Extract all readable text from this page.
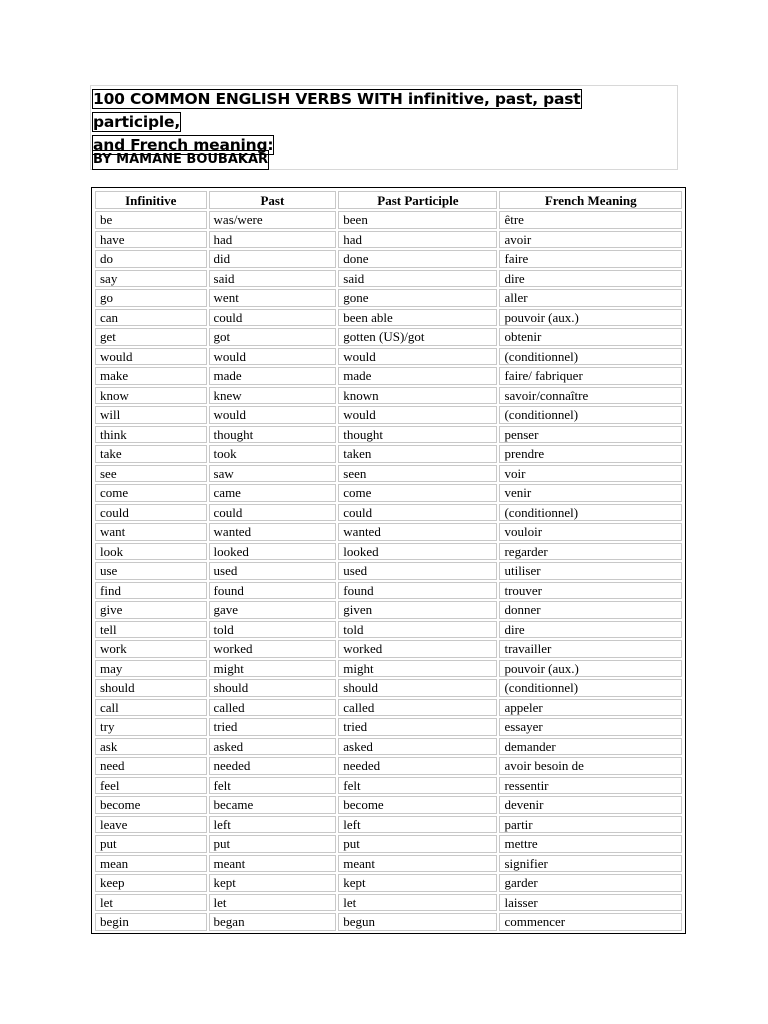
100 COMMON ENGLISH VERBS WITH infinitive, past, past participle,
and French meaning:
BY MAMANE BOUBAKAR
Infinitive	Past	Past Participle	French Meaning
be	was/were	been	être
have	had	had	avoir
do	did	done	faire
say	said	said	dire
go	went	gone	aller
can	could	been able	pouvoir (aux.)
get	got	gotten (US)/got	obtenir
would	would	would	(conditionnel)
make	made	made	faire/ fabriquer
know	knew	known	savoir/connaître
will	would	would	(conditionnel)
think	thought	thought	penser
take	took	taken	prendre
see	saw	seen	voir
come	came	come	venir
could	could	could	(conditionnel)
want	wanted	wanted	vouloir
look	looked	looked	regarder
use	used	used	utiliser
find	found	found	trouver
give	gave	given	donner
tell	told	told	dire
work	worked	worked	travailler
may	might	might	pouvoir (aux.)
should	should	should	(conditionnel)
call	called	called	appeler
try	tried	tried	essayer
ask	asked	asked	demander
need	needed	needed	avoir besoin de
feel	felt	felt	ressentir
become	became	become	devenir
leave	left	left	partir
put	put	put	mettre
mean	meant	meant	signifier
keep	kept	kept	garder
let	let	let	laisser
begin	began	begun	commencer
